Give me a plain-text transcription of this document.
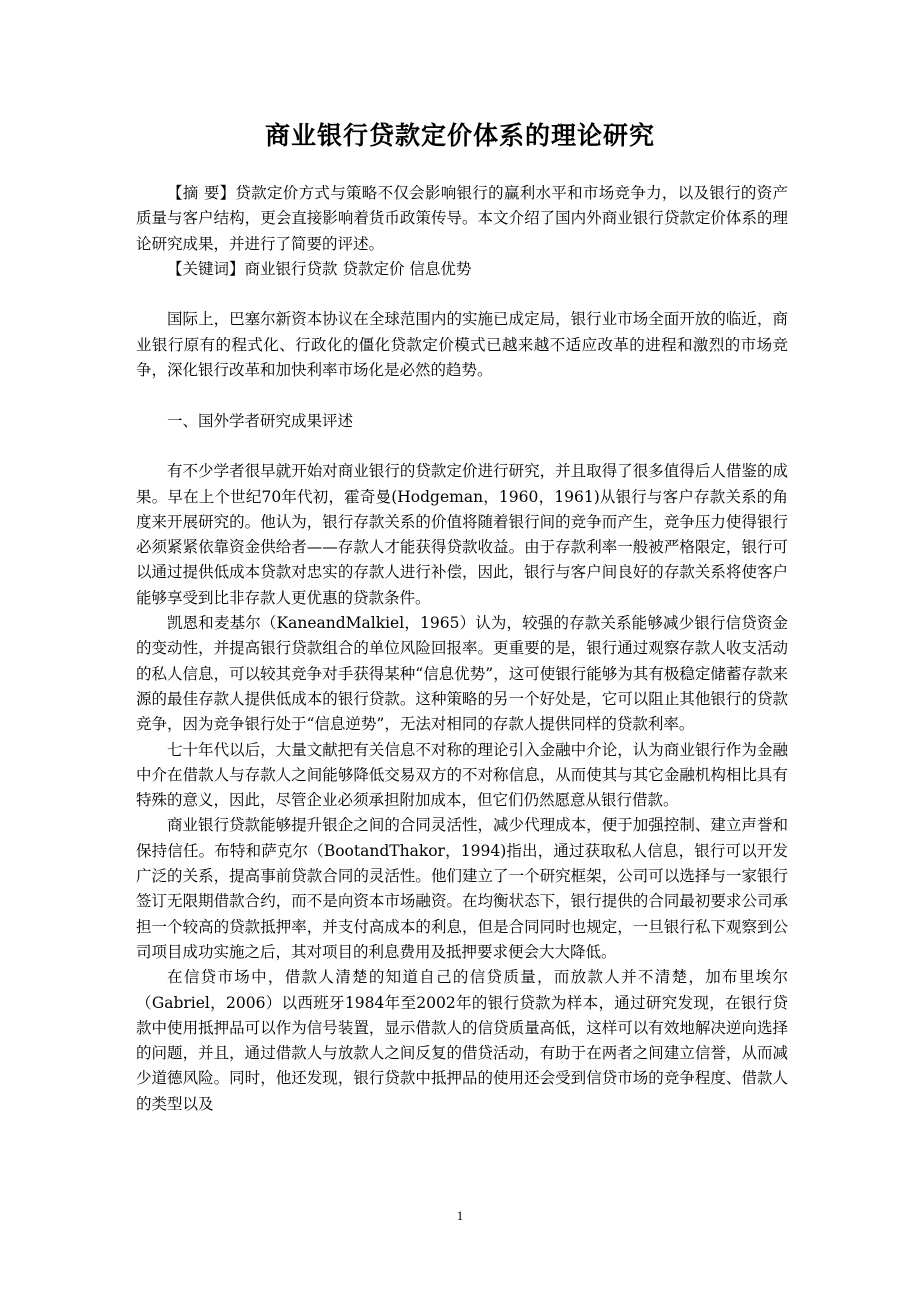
商业银行贷款定价体系的理论研究

【摘 要】贷款定价方式与策略不仅会影响银行的赢利水平和市场竞争力，以及银行的资产质量与客户结构，更会直接影响着货币政策传导。本文介绍了国内外商业银行贷款定价体系的理论研究成果，并进行了简要的评述。

【关键词】商业银行贷款 贷款定价 信息优势

国际上，巴塞尔新资本协议在全球范围内的实施已成定局，银行业市场全面开放的临近，商业银行原有的程式化、行政化的僵化贷款定价模式已越来越不适应改革的进程和激烈的市场竞争，深化银行改革和加快利率市场化是必然的趋势。

一、国外学者研究成果评述

有不少学者很早就开始对商业银行的贷款定价进行研究，并且取得了很多值得后人借鉴的成果。早在上个世纪70年代初，霍奇曼(Hodgeman，1960，1961)从银行与客户存款关系的角度来开展研究的。他认为，银行存款关系的价值将随着银行间的竞争而产生，竞争压力使得银行必须紧紧依靠资金供给者——存款人才能获得贷款收益。由于存款利率一般被严格限定，银行可以通过提供低成本贷款对忠实的存款人进行补偿，因此，银行与客户间良好的存款关系将使客户能够享受到比非存款人更优惠的贷款条件。

凯恩和麦基尔（KaneandMalkiel，1965）认为，较强的存款关系能够减少银行信贷资金的变动性，并提高银行贷款组合的单位风险回报率。更重要的是，银行通过观察存款人收支活动的私人信息，可以较其竞争对手获得某种“信息优势”，这可使银行能够为其有极稳定储蓄存款来源的最佳存款人提供低成本的银行贷款。这种策略的另一个好处是，它可以阻止其他银行的贷款竞争，因为竞争银行处于“信息逆势”，无法对相同的存款人提供同样的贷款利率。

七十年代以后，大量文献把有关信息不对称的理论引入金融中介论，认为商业银行作为金融中介在借款人与存款人之间能够降低交易双方的不对称信息，从而使其与其它金融机构相比具有特殊的意义，因此，尽管企业必须承担附加成本，但它们仍然愿意从银行借款。

商业银行贷款能够提升银企之间的合同灵活性，减少代理成本，便于加强控制、建立声誉和保持信任。布特和萨克尔（BootandThakor，1994)指出，通过获取私人信息，银行可以开发广泛的关系，提高事前贷款合同的灵活性。他们建立了一个研究框架，公司可以选择与一家银行签订无限期借款合约，而不是向资本市场融资。在均衡状态下，银行提供的合同最初要求公司承担一个较高的贷款抵押率，并支付高成本的利息，但是合同同时也规定，一旦银行私下观察到公司项目成功实施之后，其对项目的利息费用及抵押要求便会大大降低。

在信贷市场中，借款人清楚的知道自己的信贷质量，而放款人并不清楚，加布里埃尔（Gabriel，2006）以西班牙1984年至2002年的银行贷款为样本，通过研究发现，在银行贷款中使用抵押品可以作为信号装置，显示借款人的信贷质量高低，这样可以有效地解决逆向选择的问题，并且，通过借款人与放款人之间反复的借贷活动，有助于在两者之间建立信誉，从而减少道德风险。同时，他还发现，银行贷款中抵押品的使用还会受到信贷市场的竞争程度、借款人的类型以及

1
